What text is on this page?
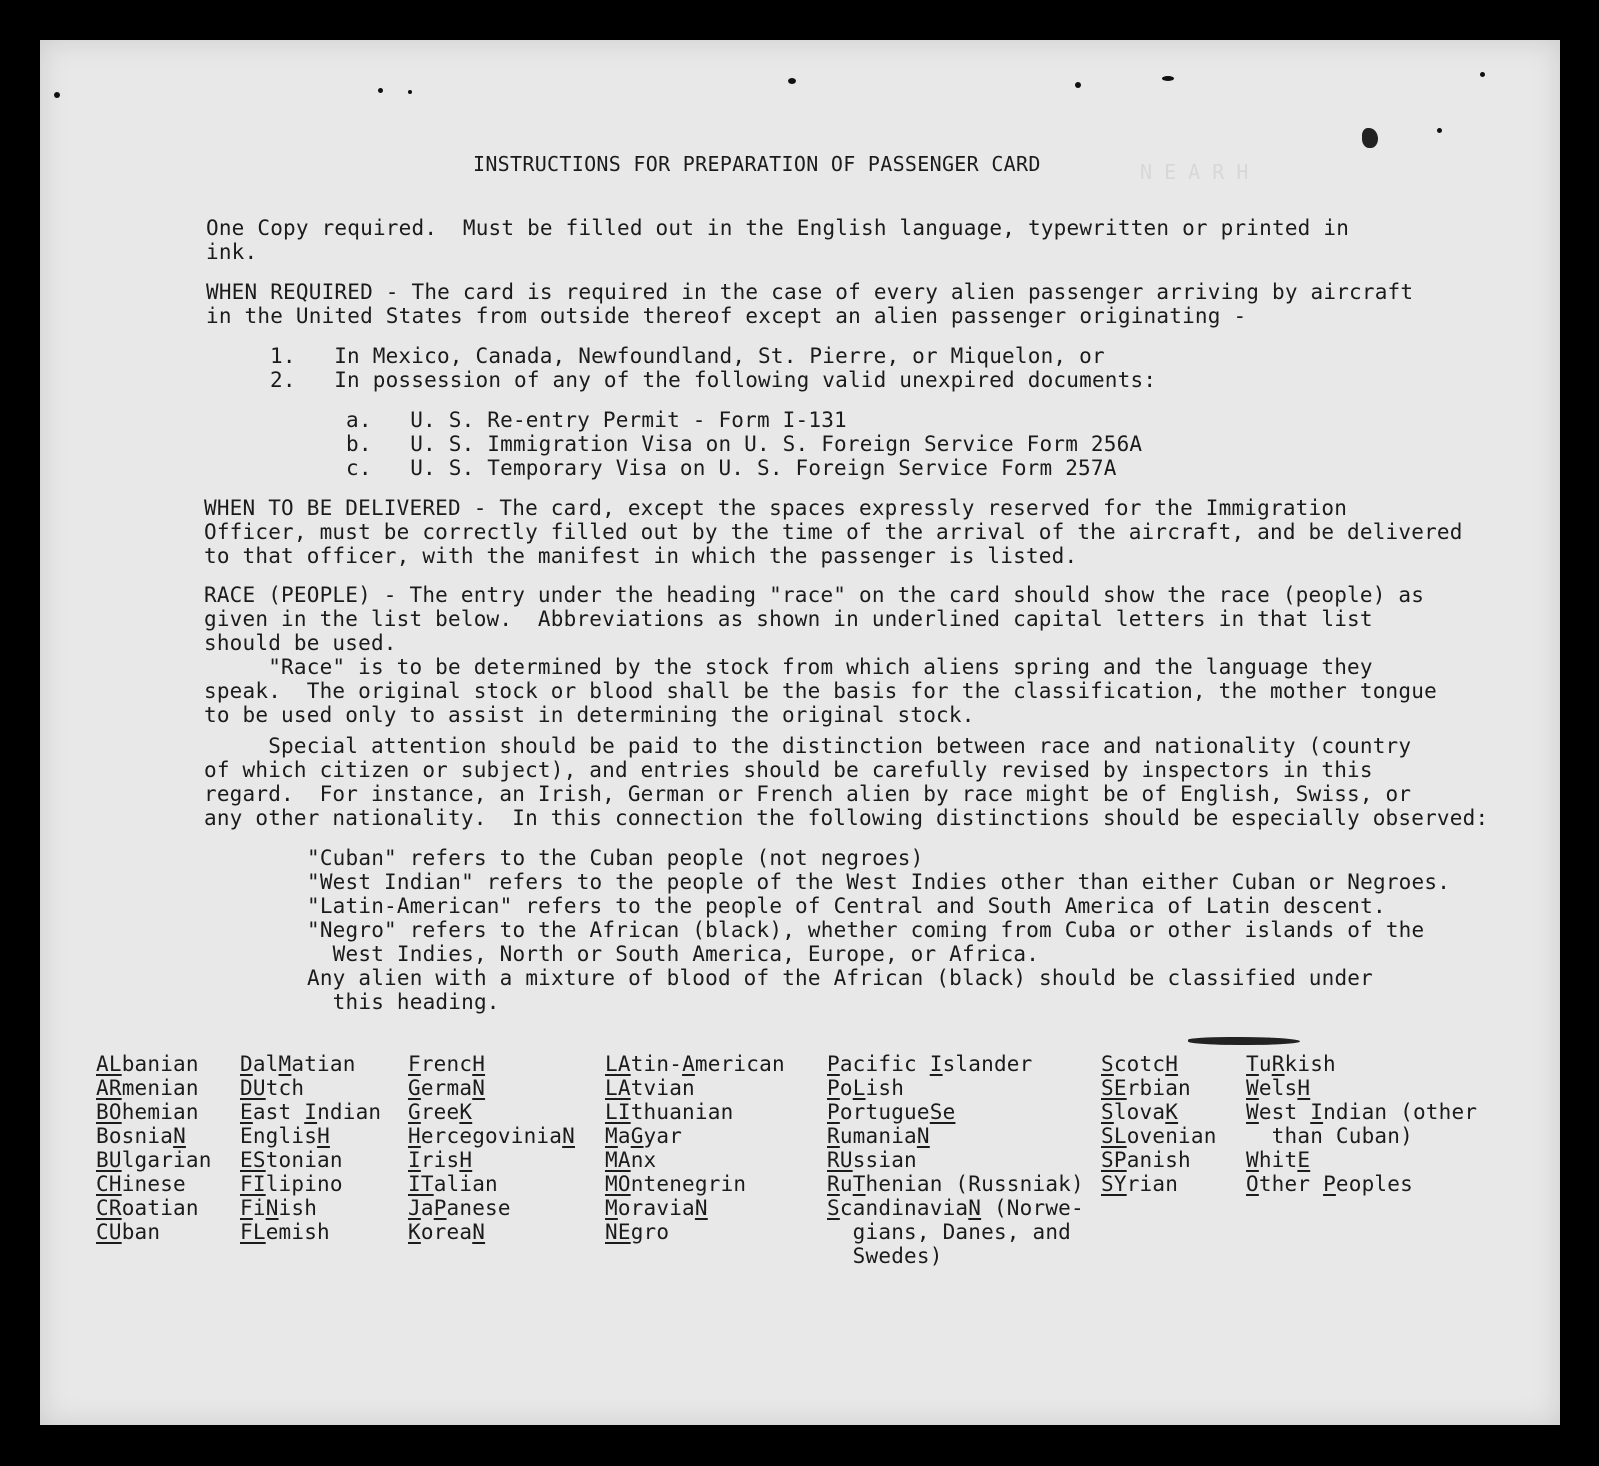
N E A R H
INSTRUCTIONS FOR PREPARATION OF PASSENGER CARD
One Copy required.  Must be filled out in the English language, typewritten or printed in
ink.
WHEN REQUIRED - The card is required in the case of every alien passenger arriving by aircraft
in the United States from outside thereof except an alien passenger originating -
1.   In Mexico, Canada, Newfoundland, St. Pierre, or Miquelon, or
2.   In possession of any of the following valid unexpired documents:
a.   U. S. Re-entry Permit - Form I-131
b.   U. S. Immigration Visa on U. S. Foreign Service Form 256A
c.   U. S. Temporary Visa on U. S. Foreign Service Form 257A
WHEN TO BE DELIVERED - The card, except the spaces expressly reserved for the Immigration
Officer, must be correctly filled out by the time of the arrival of the aircraft, and be delivered
to that officer, with the manifest in which the passenger is listed.
RACE (PEOPLE) - The entry under the heading "race" on the card should show the race (people) as
given in the list below.  Abbreviations as shown in underlined capital letters in that list
should be used.
"Race" is to be determined by the stock from which aliens spring and the language they
speak.  The original stock or blood shall be the basis for the classification, the mother tongue
to be used only to assist in determining the original stock.
Special attention should be paid to the distinction between race and nationality (country
of which citizen or subject), and entries should be carefully revised by inspectors in this
regard.  For instance, an Irish, German or French alien by race might be of English, Swiss, or
any other nationality.  In this connection the following distinctions should be especially observed:
"Cuban" refers to the Cuban people (not negroes)
"West Indian" refers to the people of the West Indies other than either Cuban or Negroes.
"Latin-American" refers to the people of Central and South America of Latin descent.
"Negro" refers to the African (black), whether coming from Cuba or other islands of the
West Indies, North or South America, Europe, or Africa.
Any alien with a mixture of blood of the African (black) should be classified under
this heading.
ALbanian
ARmenian
BOhemian
BosniaN
BUlgarian
CHinese
CRoatian
CUban
DalMatian
DUtch
East Indian
EnglisH
EStonian
FIlipino
FiNish
FLemish
FrencH
GermaN
GreeK
HercegoviniaN
IrisH
ITalian
JaPanese
KoreaN
LAtin-American
LAtvian
LIthuanian
MaGyar
MAnx
MOntenegrin
MoraviaN
NEgro
Pacific Islander
PoLish
PortugueSe
RumaniaN
RUssian
RuThenian (Russniak)
ScandinaviaN (Norwe-
gians, Danes, and
Swedes)
ScotcH
SErbian
SlovaK
SLovenian
SPanish
SYrian
TuRkish
WelsH
West Indian (other
than Cuban)
WhitE
Other Peoples
